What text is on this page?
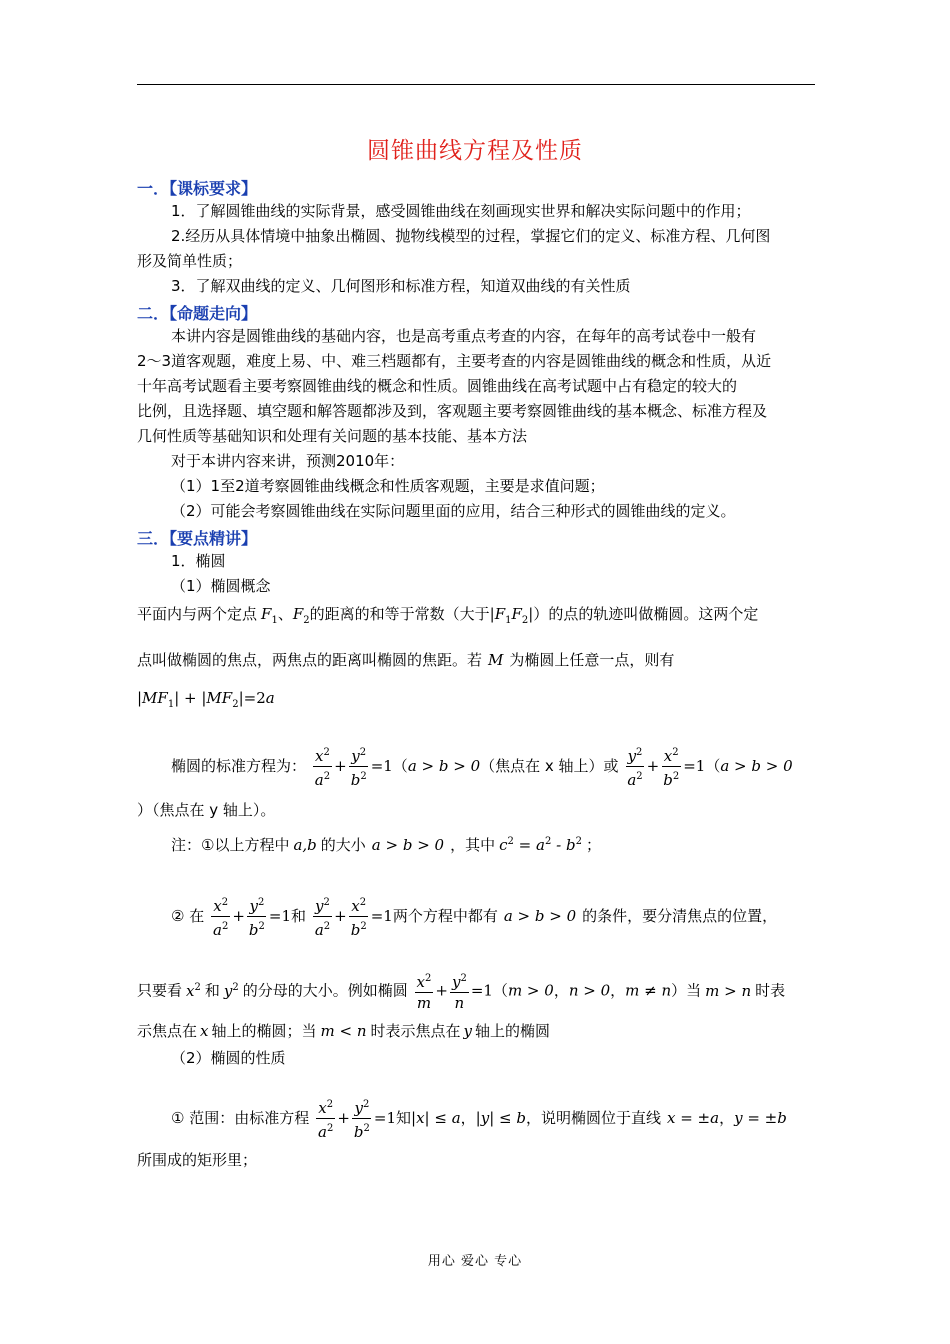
圆锥曲线方程及性质
一．【课标要求】
1．了解圆锥曲线的实际背景，感受圆锥曲线在刻画现实世界和解决实际问题中的作用；
2.经历从具体情境中抽象出椭圆、抛物线模型的过程，掌握它们的定义、标准方程、几何图
形及简单性质；
3．了解双曲线的定义、几何图形和标准方程，知道双曲线的有关性质
二．【命题走向】
本讲内容是圆锥曲线的基础内容，也是高考重点考查的内容，在每年的高考试卷中一般有
2～3道客观题，难度上易、中、难三档题都有，主要考查的内容是圆锥曲线的概念和性质，从近
十年高考试题看主要考察圆锥曲线的概念和性质。圆锥曲线在高考试题中占有稳定的较大的
比例，且选择题、填空题和解答题都涉及到，客观题主要考察圆锥曲线的基本概念、标准方程及
几何性质等基础知识和处理有关问题的基本技能、基本方法
对于本讲内容来讲，预测2010年：
（1）1至2道考察圆锥曲线概念和性质客观题，主要是求值问题；
（2）可能会考察圆锥曲线在实际问题里面的应用，结合三种形式的圆锥曲线的定义。
三．【要点精讲】
1．椭圆
（1）椭圆概念
平面内与两个定点 $F_1$、$F_2$的距离的和等于常数（大于$|F_1F_2|$）的点的轨迹叫做椭圆。这两个定
点叫做椭圆的焦点，两焦点的距离叫椭圆的焦距。若 M 为椭圆上任意一点，则有
$|MF_1| + |MF_2|=2a$
椭圆的标准方程为： $\frac{x^2}{a^2} + \frac{y^2}{b^2} =1(a > b > 0$（焦点在 x 轴上）或 $\frac{y^2}{a^2} + \frac{x^2}{b^2} =1(a > b > 0$
）（焦点在 y 轴上）。
注：①以上方程中 a,b 的大小 a > b > 0 ，其中 $c^2 = a^2 - b^2$ ；
② 在 $\frac{x^2}{a^2} + \frac{y^2}{b^2} =1$和 $\frac{y^2}{a^2} + \frac{x^2}{b^2} =1$两个方程中都有 a > b > 0 的条件，要分清焦点的位置，
只要看 $x^2$ 和 $y^2$ 的分母的大小。例如椭圆 $\frac{x^2}{m} + \frac{y^2}{n} =1(m > 0$，n > 0，m ≠ n）当 m > n 时表
示焦点在 x 轴上的椭圆；当 m < n 时表示焦点在 y 轴上的椭圆
（2）椭圆的性质
① 范围：由标准方程 $\frac{x^2}{a^2} + \frac{y^2}{b^2} =1$知|x| ≤ a，|y| ≤ b，说明椭圆位于直线 x = ±a，y = ±b
所围成的矩形里；
用心 爱心 专心
